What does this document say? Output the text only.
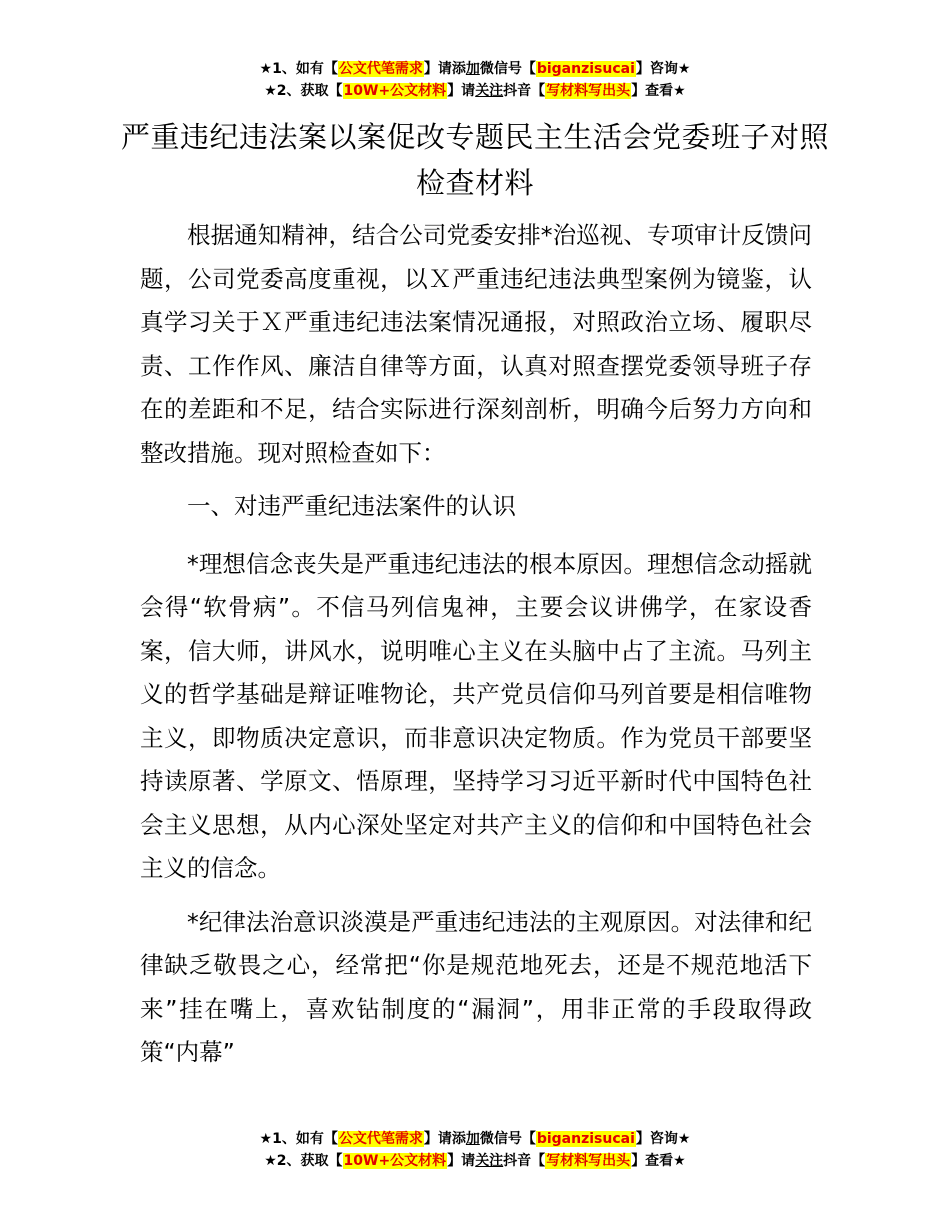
★1、如有【公文代笔需求】请添加微信号【biganzisucai】咨询★
★2、获取【10W+公文材料】请关注抖音【写材料写出头】查看★
严重违纪违法案以案促改专题民主生活会党委班子对照检查材料

根据通知精神，结合公司党委安排*治巡视、专项审计反馈问题，公司党委高度重视，以Ｘ严重违纪违法典型案例为镜鉴，认真学习关于Ｘ严重违纪违法案情况通报，对照政治立场、履职尽责、工作作风、廉洁自律等方面，认真对照查摆党委领导班子存在的差距和不足，结合实际进行深刻剖析，明确今后努力方向和整改措施。现对照检查如下：

一、对违严重纪违法案件的认识

*理想信念丧失是严重违纪违法的根本原因。理想信念动摇就会得“软骨病”。不信马列信鬼神，主要会议讲佛学，在家设香案，信大师，讲风水，说明唯心主义在头脑中占了主流。马列主义的哲学基础是辩证唯物论，共产党员信仰马列首要是相信唯物主义，即物质决定意识，而非意识决定物质。作为党员干部要坚持读原著、学原文、悟原理，坚持学习习近平新时代中国特色社会主义思想，从内心深处坚定对共产主义的信仰和中国特色社会主义的信念。

*纪律法治意识淡漠是严重违纪违法的主观原因。对法律和纪律缺乏敬畏之心，经常把“你是规范地死去，还是不规范地活下来”挂在嘴上，喜欢钻制度的“漏洞”，用非正常的手段取得政策“内幕”

★1、如有【公文代笔需求】请添加微信号【biganzisucai】咨询★
★2、获取【10W+公文材料】请关注抖音【写材料写出头】查看★
